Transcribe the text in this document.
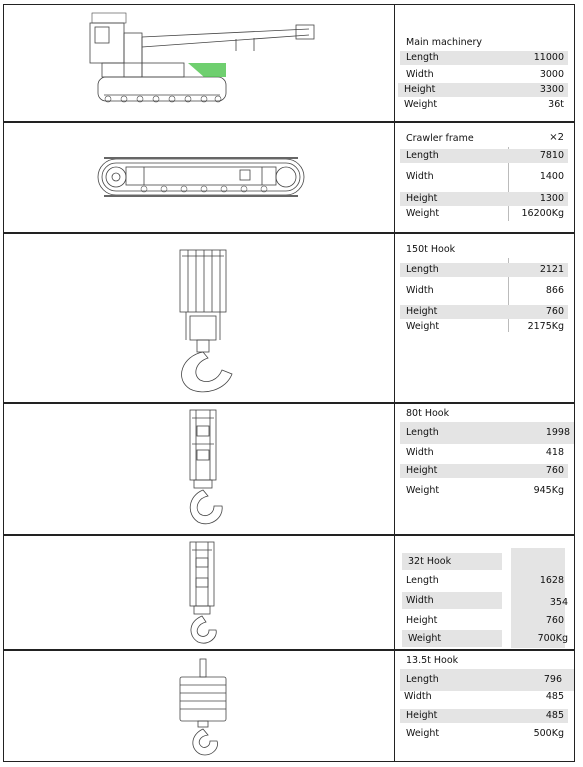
Main machinery
Length	11000
Width	3000
Height	3300
Weight	36t
Crawler frame	×2
Length	7810
Width	1400
Height	1300
Weight	16200Kg
150t Hook
Length	2121
Width	866
Height	760
Weight	2175Kg
80t Hook
Length	1998
Width	418
Height	760
Weight	945Kg
32t Hook
Length	1628
Width	354
Height	760
Weight	700Kg
13.5t Hook
Length	796
Width	485
Height	485
Weight	500Kg
